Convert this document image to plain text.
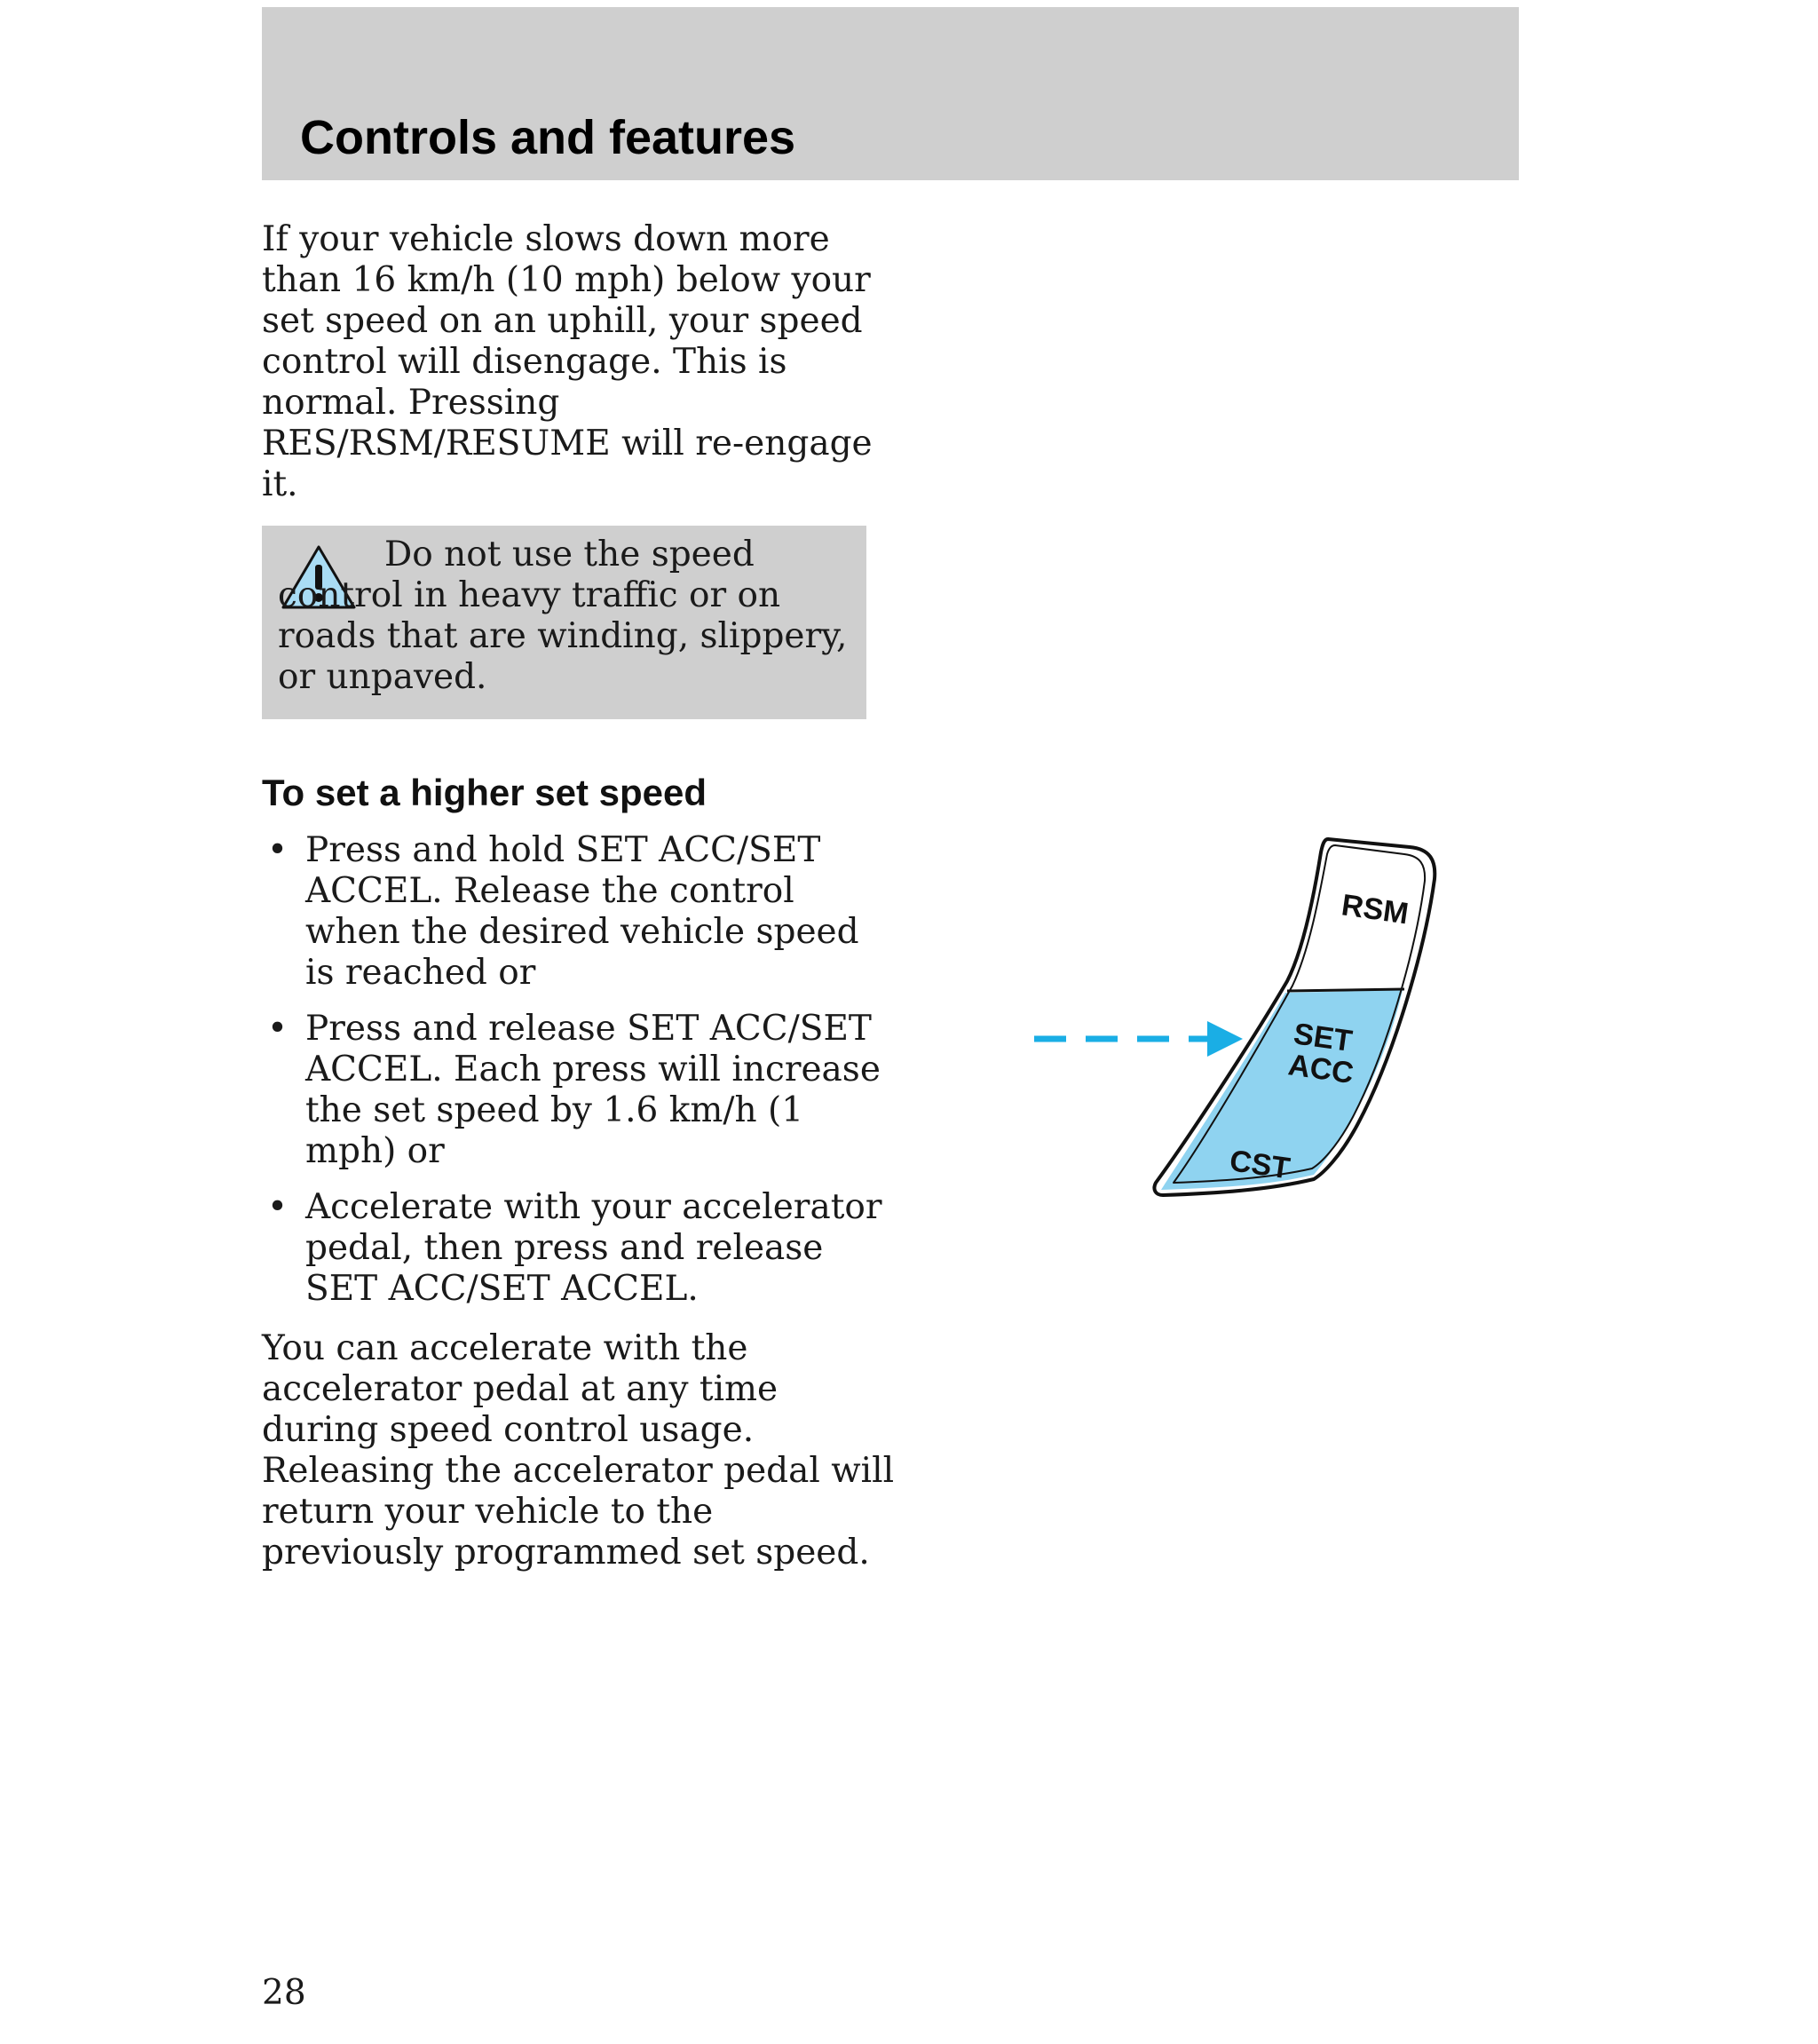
Controls and features

If your vehicle slows down more than 16 km/h (10 mph) below your set speed on an uphill, your speed control will disengage. This is normal. Pressing RES/RSM/RESUME will re-engage it.

Do not use the speed control in heavy traffic or on roads that are winding, slippery, or unpaved.

To set a higher set speed
• Press and hold SET ACC/SET ACCEL. Release the control when the desired vehicle speed is reached or
• Press and release SET ACC/SET ACCEL. Each press will increase the set speed by 1.6 km/h (1 mph) or
• Accelerate with your accelerator pedal, then press and release SET ACC/SET ACCEL.

You can accelerate with the accelerator pedal at any time during speed control usage. Releasing the accelerator pedal will return your vehicle to the previously programmed set speed.

RSM
SET
ACC
CST
28
